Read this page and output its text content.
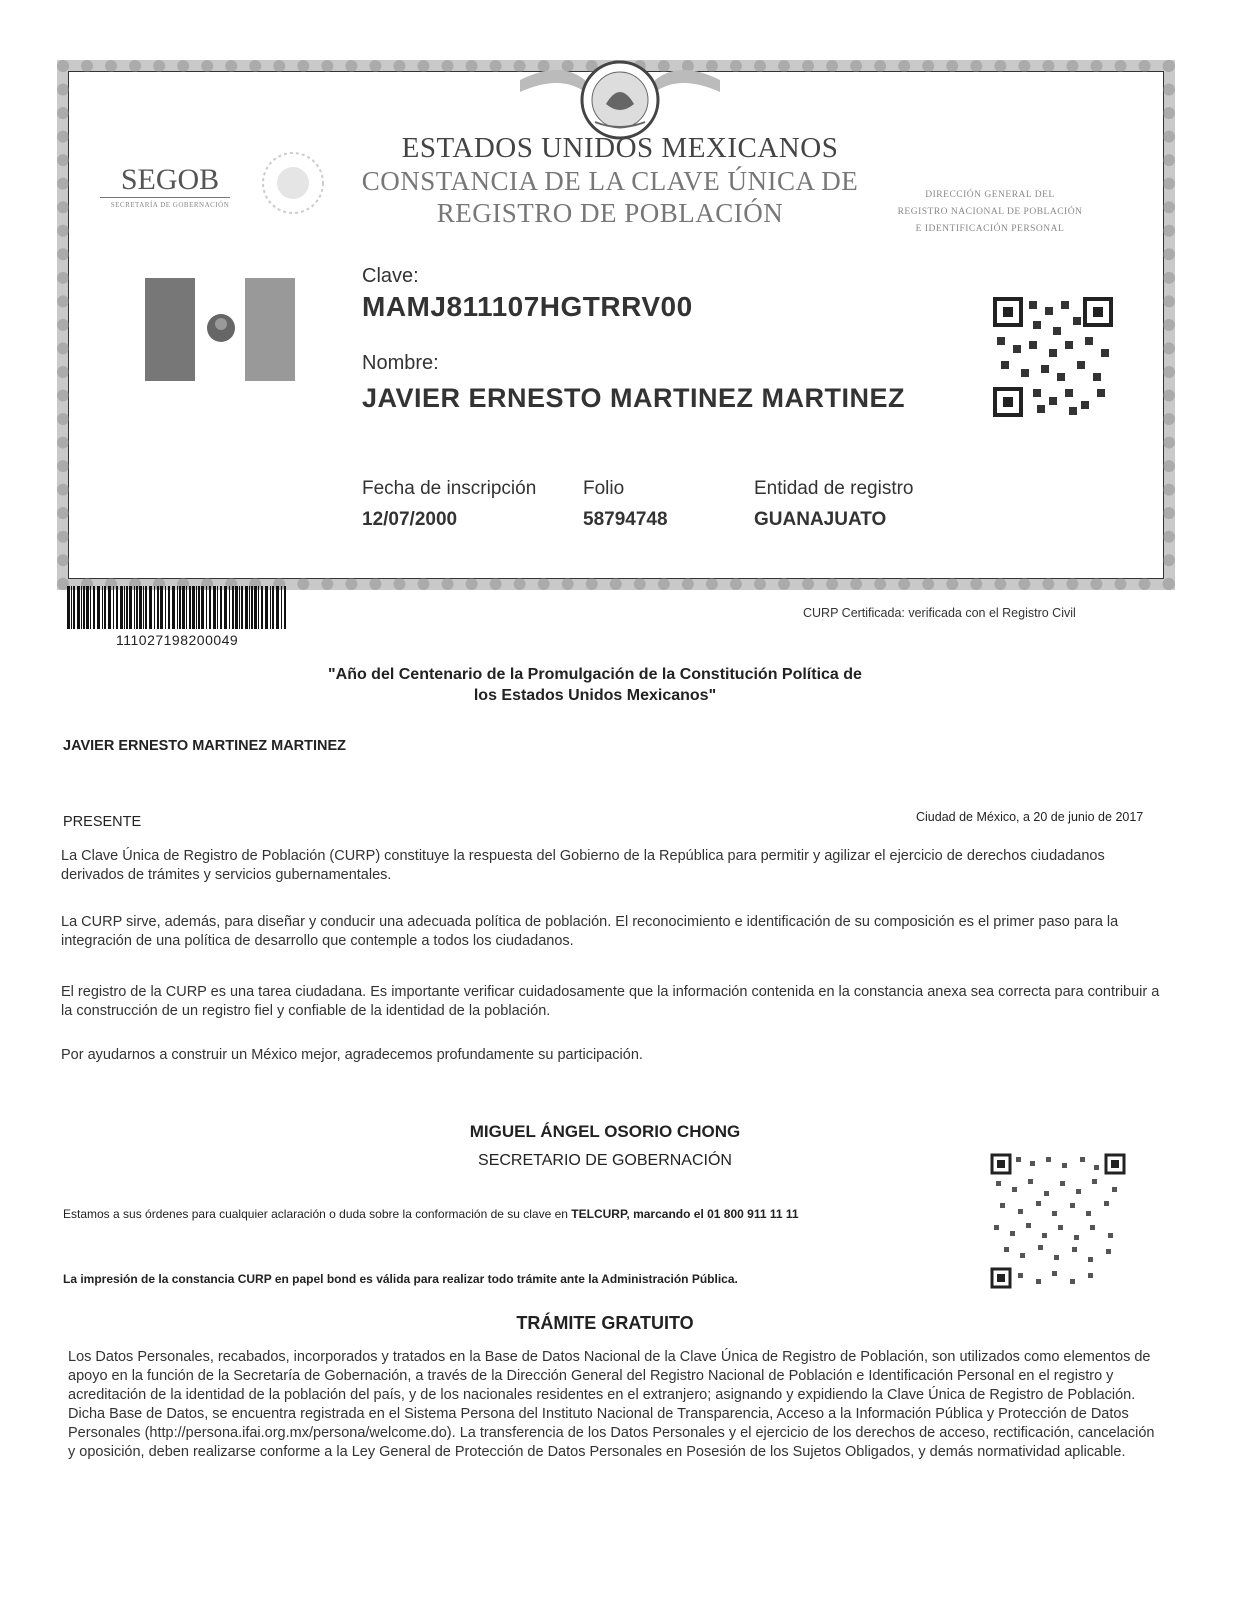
ESTADOS UNIDOS MEXICANOS
CONSTANCIA DE LA CLAVE ÚNICA DE
REGISTRO DE POBLACIÓN
SEGOB
SECRETARÍA DE GOBERNACIÓN
DIRECCIÓN GENERAL DEL
REGISTRO NACIONAL DE POBLACIÓN
E IDENTIFICACIÓN PERSONAL
Clave:
MAMJ811107HGTRRV00
Nombre:
JAVIER ERNESTO MARTINEZ MARTINEZ
Fecha de inscripción
12/07/2000
Folio
58794748
Entidad de registro
GUANAJUATO
111027198200049
CURP Certificada: verificada con el Registro Civil
"Año del Centenario de la Promulgación de la Constitución Política de
los Estados Unidos Mexicanos"
JAVIER ERNESTO MARTINEZ MARTINEZ
PRESENTE	Ciudad de México, a 20 de junio de 2017
La Clave Única de Registro de Población (CURP) constituye la respuesta del Gobierno de la República para permitir y agilizar el ejercicio de derechos ciudadanos derivados de trámites y servicios gubernamentales.
La CURP sirve, además, para diseñar y conducir una adecuada política de población. El reconocimiento e identificación de su composición es el primer paso para la integración de una política de desarrollo que contemple a todos los ciudadanos.
El registro de la CURP es una tarea ciudadana. Es importante verificar cuidadosamente que la información contenida en la constancia anexa sea correcta para contribuir a la construcción de un registro fiel y confiable de la identidad de la población.
Por ayudarnos a construir un México mejor, agradecemos profundamente su participación.
MIGUEL ÁNGEL OSORIO CHONG
SECRETARIO DE GOBERNACIÓN
Estamos a sus órdenes para cualquier aclaración o duda sobre la conformación de su clave en TELCURP, marcando el 01 800 911 11 11
La impresión de la constancia CURP en papel bond es válida para realizar todo trámite ante la Administración Pública.
TRÁMITE GRATUITO
Los Datos Personales, recabados, incorporados y tratados en la Base de Datos Nacional de la Clave Única de Registro de Población, son utilizados como elementos de apoyo en la función de la Secretaría de Gobernación, a través de la Dirección General del Registro Nacional de Población e Identificación Personal en el registro y acreditación de la identidad de la población del país, y de los nacionales residentes en el extranjero; asignando y expidiendo la Clave Única de Registro de Población. Dicha Base de Datos, se encuentra registrada en el Sistema Persona del Instituto Nacional de Transparencia, Acceso a la Información Pública y Protección de Datos Personales (http://persona.ifai.org.mx/persona/welcome.do). La transferencia de los Datos Personales y el ejercicio de los derechos de acceso, rectificación, cancelación y oposición, deben realizarse conforme a la Ley General de Protección de Datos Personales en Posesión de los Sujetos Obligados, y demás normatividad aplicable.
